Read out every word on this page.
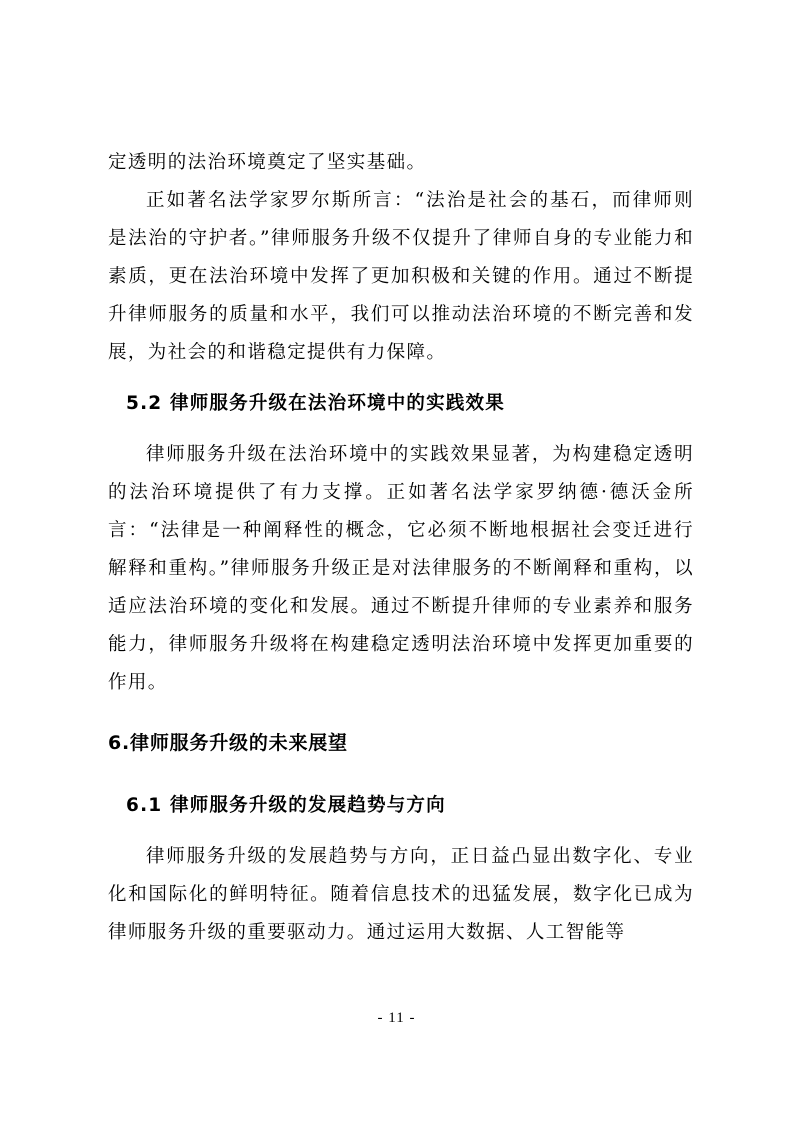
定透明的法治环境奠定了坚实基础。

正如著名法学家罗尔斯所言：“法治是社会的基石，而律师则是法治的守护者。”律师服务升级不仅提升了律师自身的专业能力和素质，更在法治环境中发挥了更加积极和关键的作用。通过不断提升律师服务的质量和水平，我们可以推动法治环境的不断完善和发展，为社会的和谐稳定提供有力保障。

5.2 律师服务升级在法治环境中的实践效果

律师服务升级在法治环境中的实践效果显著，为构建稳定透明的法治环境提供了有力支撑。正如著名法学家罗纳德·德沃金所言：“法律是一种阐释性的概念，它必须不断地根据社会变迁进行解释和重构。”律师服务升级正是对法律服务的不断阐释和重构，以适应法治环境的变化和发展。通过不断提升律师的专业素养和服务能力，律师服务升级将在构建稳定透明法治环境中发挥更加重要的作用。

6.律师服务升级的未来展望
6.1 律师服务升级的发展趋势与方向

律师服务升级的发展趋势与方向，正日益凸显出数字化、专业化和国际化的鲜明特征。随着信息技术的迅猛发展，数字化已成为律师服务升级的重要驱动力。通过运用大数据、人工智能等

- 11 -
